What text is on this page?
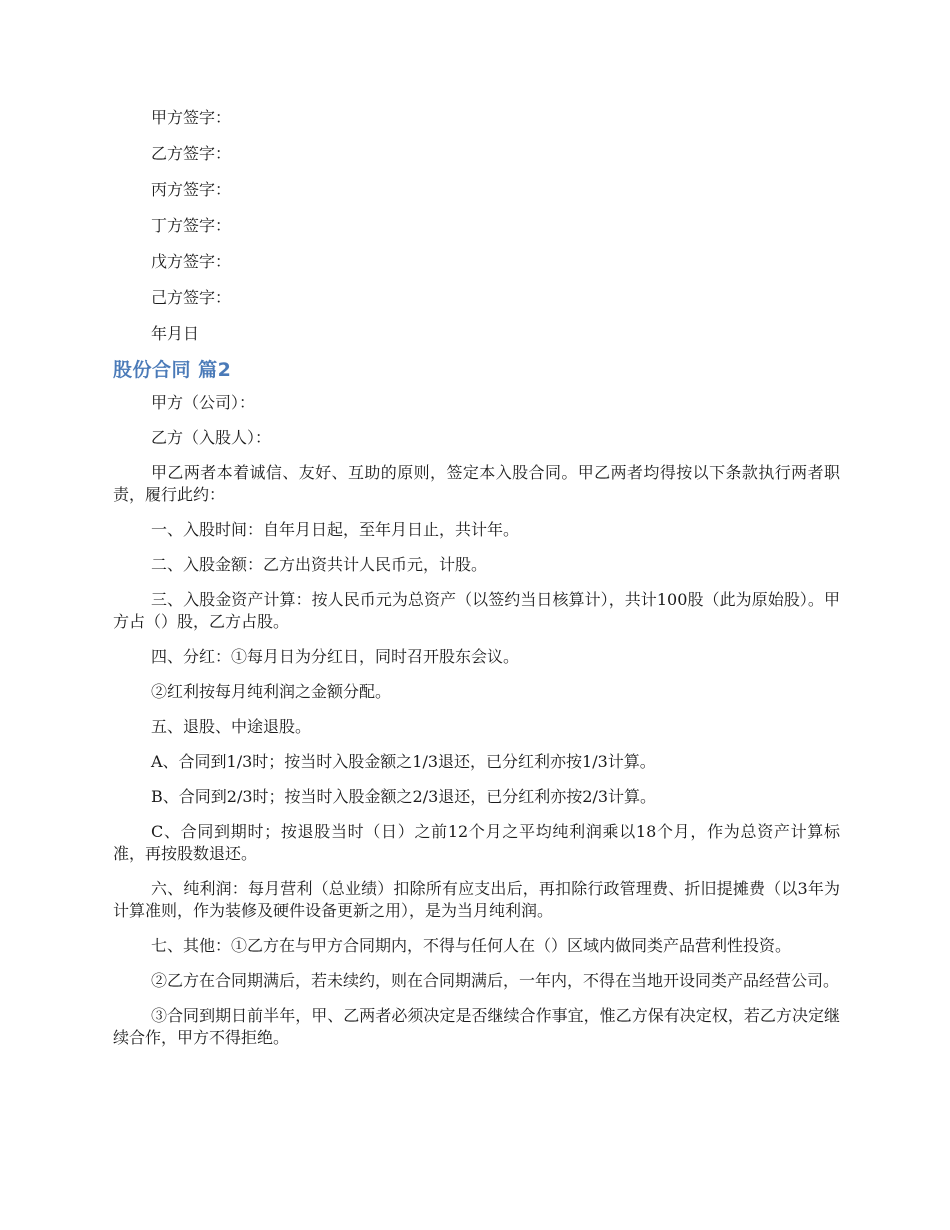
甲方签字：

乙方签字：

丙方签字：

丁方签字：

戊方签字：

己方签字：

年月日

股份合同 篇2

甲方（公司）：

乙方（入股人）：

甲乙两者本着诚信、友好、互助的原则，签定本入股合同。甲乙两者均得按以下条款执行两者职责，履行此约：

一、入股时间：自年月日起，至年月日止，共计年。

二、入股金额：乙方出资共计人民币元，计股。

三、入股金资产计算：按人民币元为总资产（以签约当日核算计），共计100股（此为原始股）。甲方占（）股，乙方占股。

四、分红：①每月日为分红日，同时召开股东会议。

②红利按每月纯利润之金额分配。

五、退股、中途退股。

A、合同到1/3时；按当时入股金额之1/3退还，已分红利亦按1/3计算。

B、合同到2/3时；按当时入股金额之2/3退还，已分红利亦按2/3计算。

C、合同到期时；按退股当时（日）之前12个月之平均纯利润乘以18个月，作为总资产计算标准，再按股数退还。

六、纯利润：每月营利（总业绩）扣除所有应支出后，再扣除行政管理费、折旧提摊费（以3年为计算准则，作为装修及硬件设备更新之用），是为当月纯利润。

七、其他：①乙方在与甲方合同期内，不得与任何人在（）区域内做同类产品营利性投资。

②乙方在合同期满后，若未续约，则在合同期满后，一年内，不得在当地开设同类产品经营公司。

③合同到期日前半年，甲、乙两者必须决定是否继续合作事宜，惟乙方保有决定权，若乙方决定继续合作，甲方不得拒绝。
